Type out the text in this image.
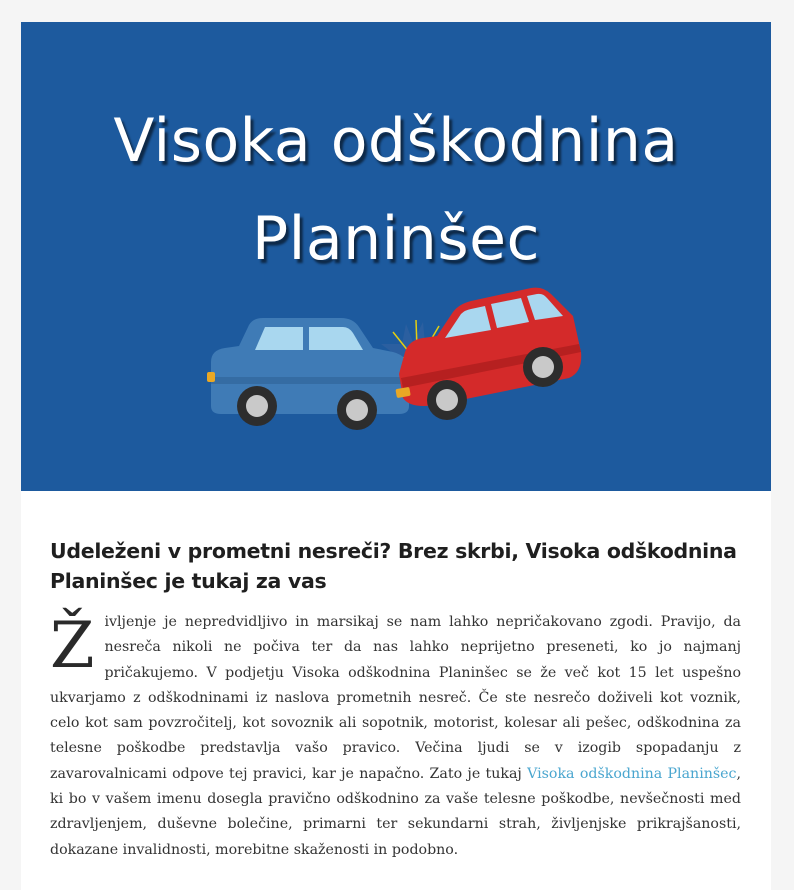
Visoka odškodnina
Planinšec
Udeleženi v prometni nesreči? Brez skrbi, Visoka odškodnina Planinšec je tukaj za vas
Življenje je nepredvidljivo in marsikaj se nam lahko nepričakovano zgodi. Pravijo, da nesreča nikoli ne počiva ter da nas lahko neprijetno preseneti, ko jo najmanj pričakujemo. V podjetju Visoka odškodnina Planinšec se že več kot 15 let uspešno ukvarjamo z odškodninami iz naslova prometnih nesreč. Če ste nesrečo doživeli kot voznik, celo kot sam povzročitelj, kot sovoznik ali sopotnik, motorist, kolesar ali pešec, odškodnina za telesne poškodbe predstavlja vašo pravico. Večina ljudi se v izogib spopadanju z zavarovalnicami odpove tej pravici, kar je napačno. Zato je tukaj Visoka odškodnina Planinšec, ki bo v vašem imenu dosegla pravično odškodnino za vaše telesne poškodbe, nevšečnosti med zdravljenjem, duševne bolečine, primarni ter sekundarni strah, življenjske prikrajšanosti, dokazane invalidnosti, morebitne skaženosti in podobno.
